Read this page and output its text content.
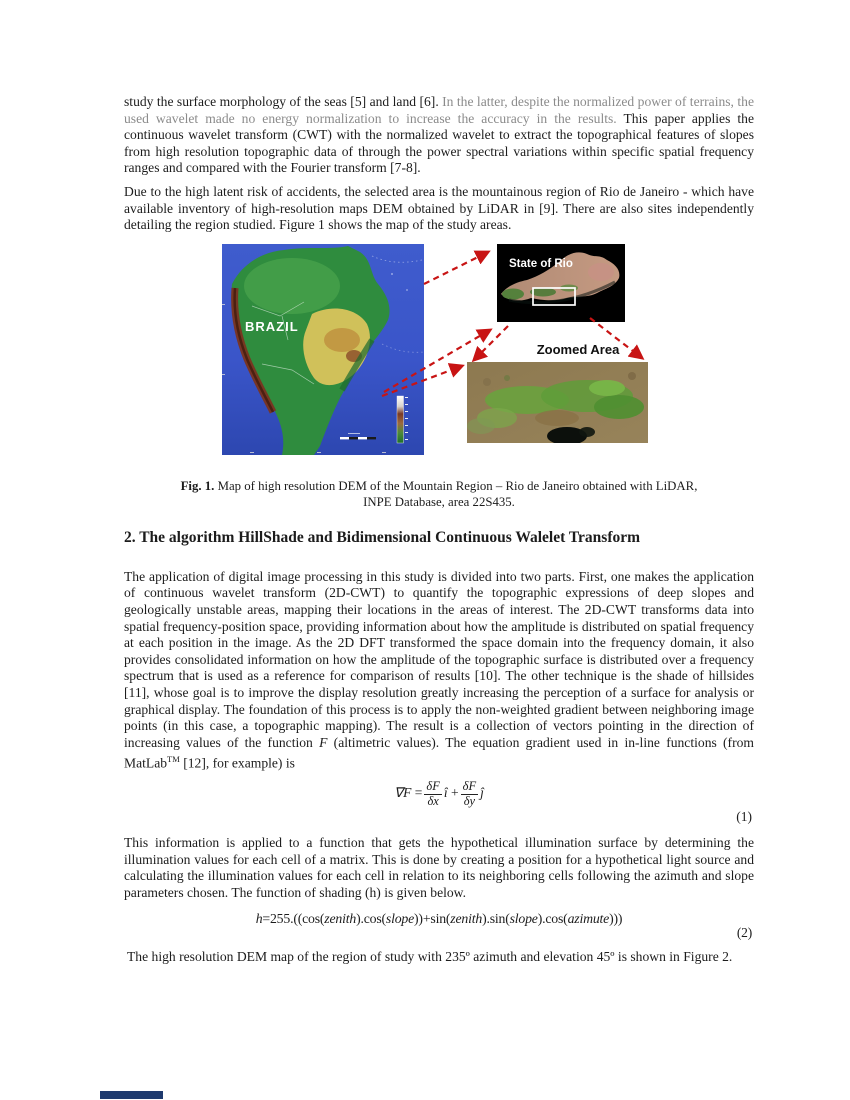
study the surface morphology of the seas [5] and land [6]. In the latter, despite the normalized power of terrains, the used wavelet made no energy normalization to increase the accuracy in the results. This paper applies the continuous wavelet transform (CWT) with the normalized wavelet to extract the topographical features of slopes from high resolution topographic data of through the power spectral variations within specific spatial frequency ranges and compared with the Fourier transform [7-8].

Due to the high latent risk of accidents, the selected area is the mountainous region of Rio de Janeiro - which have available inventory of high-resolution maps DEM obtained by LiDAR in [9]. There are also sites independently detailing the region studied. Figure 1 shows the map of the study areas.

BRAZIL
State of Rio
Zoomed Area
Fig. 1. Map of high resolution DEM of the Mountain Region – Rio de Janeiro obtained with LiDAR,
INPE Database, area 22S435.
2. The algorithm HillShade and Bidimensional Continuous Walelet Transform

The application of digital image processing in this study is divided into two parts. First, one makes the application of continuous wavelet transform (2D-CWT) to quantify the topographic expressions of deep slopes and geologically unstable areas, mapping their locations in the areas of interest. The 2D-CWT transforms data into spatial frequency-position space, providing information about how the amplitude is distributed on spatial frequency at each position in the image. As the 2D DFT transformed the space domain into the frequency domain, it also provides consolidated information on how the amplitude of the topographic surface is distributed over a frequency spectrum that is used as a reference for comparison of results [10]. The other technique is the shade of hillsides [11], whose goal is to improve the display resolution greatly increasing the perception of a surface for analysis or graphical display. The foundation of this process is to apply the non-weighted gradient between neighboring image points (in this case, a topographic mapping). The result is a collection of vectors pointing in the direction of increasing values of the function F (altimetric values). The equation gradient used in in-line functions (from MatLab™ [12], for example) is

$\nabla F = \frac{\delta F}{\delta x}$ î + $\frac{\delta F}{\delta y}$ ĵ
(1)

This information is applied to a function that gets the hypothetical illumination surface by determining the illumination values for each cell of a matrix. This is done by creating a position for a hypothetical light source and calculating the illumination values for each cell in relation to its neighboring cells following the azimuth and slope parameters chosen. The function of shading (h) is given below.

h=255.((cos(zenith).cos(slope))+sin(zenith).sin(slope).cos(azimute)))
(2)

The high resolution DEM map of the region of study with 235º azimuth and elevation 45º is shown in Figure 2.
